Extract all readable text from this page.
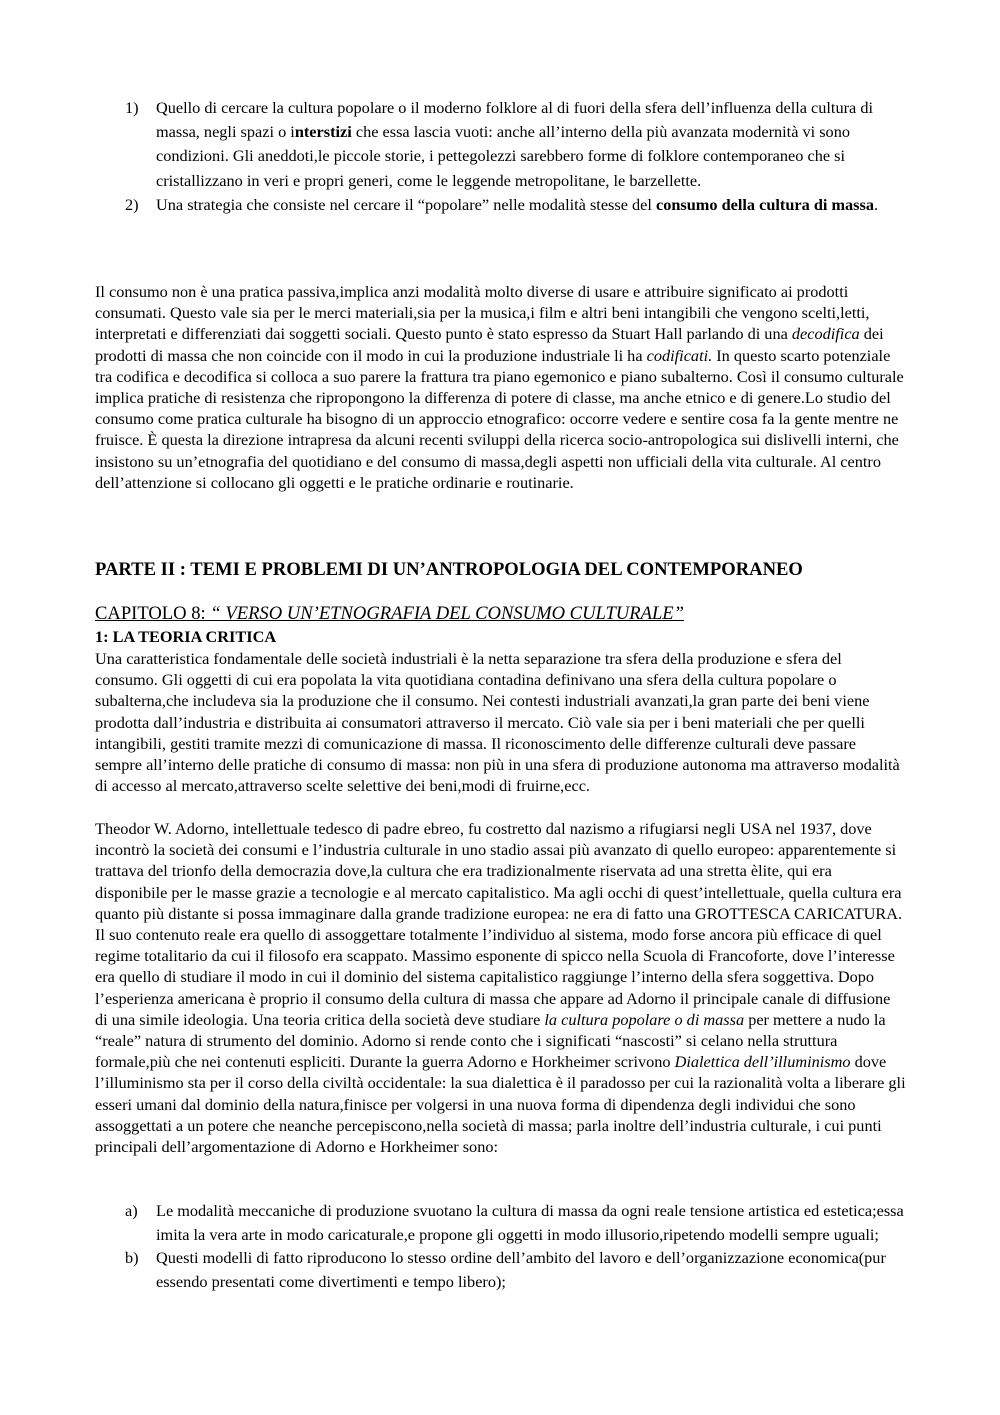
1) Quello di cercare la cultura popolare o il moderno folklore al di fuori della sfera dell’influenza della cultura di massa, negli spazi o interstizi che essa lascia vuoti: anche all’interno della più avanzata modernità vi sono condizioni. Gli aneddoti,le piccole storie, i pettegolezzi sarebbero forme di folklore contemporaneo che si cristallizzano in veri e propri generi, come le leggende metropolitane, le barzellette.
2) Una strategia che consiste nel cercare il “popolare” nelle modalità stesse del consumo della cultura di massa.

Il consumo non è una pratica passiva,implica anzi modalità molto diverse di usare e attribuire significato ai prodotti consumati. Questo vale sia per le merci materiali,sia per la musica,i film e altri beni intangibili che vengono scelti,letti, interpretati e differenziati dai soggetti sociali. Questo punto è stato espresso da Stuart Hall parlando di una decodifica dei prodotti di massa che non coincide con il modo in cui la produzione industriale li ha codificati. In questo scarto potenziale tra codifica e decodifica si colloca a suo parere la frattura tra piano egemonico e piano subalterno. Così il consumo culturale implica pratiche di resistenza che ripropongono la differenza di potere di classe, ma anche etnico e di genere.Lo studio del consumo come pratica culturale ha bisogno di un approccio etnografico: occorre vedere e sentire cosa fa la gente mentre ne fruisce. È questa la direzione intrapresa da alcuni recenti sviluppi della ricerca socio-antropologica sui dislivelli interni, che insistono su un’etnografia del quotidiano e del consumo di massa,degli aspetti non ufficiali della vita culturale. Al centro dell’attenzione si collocano gli oggetti e le pratiche ordinarie e routinarie.

PARTE II : TEMI E PROBLEMI DI UN’ANTROPOLOGIA DEL CONTEMPORANEO
CAPITOLO 8: “ VERSO UN’ETNOGRAFIA DEL CONSUMO CULTURALE”
1: LA TEORIA CRITICA

Una caratteristica fondamentale delle società industriali è la netta separazione tra sfera della produzione e sfera del consumo. Gli oggetti di cui era popolata la vita quotidiana contadina definivano una sfera della cultura popolare o subalterna,che includeva sia la produzione che il consumo. Nei contesti industriali avanzati,la gran parte dei beni viene prodotta dall’industria e distribuita ai consumatori attraverso il mercato. Ciò vale sia per i beni materiali che per quelli intangibili, gestiti tramite mezzi di comunicazione di massa. Il riconoscimento delle differenze culturali deve passare sempre all’interno delle pratiche di consumo di massa: non più in una sfera di produzione autonoma ma attraverso modalità di accesso al mercato,attraverso scelte selettive dei beni,modi di fruirne,ecc.

Theodor W. Adorno, intellettuale tedesco di padre ebreo, fu costretto dal nazismo a rifugiarsi negli USA nel 1937, dove incontrò la società dei consumi e l’industria culturale in uno stadio assai più avanzato di quello europeo: apparentemente si trattava del trionfo della democrazia dove,la cultura che era tradizionalmente riservata ad una stretta èlite, qui era disponibile per le masse grazie a tecnologie e al mercato capitalistico. Ma agli occhi di quest’intellettuale, quella cultura era quanto più distante si possa immaginare dalla grande tradizione europea: ne era di fatto una GROTTESCA CARICATURA. Il suo contenuto reale era quello di assoggettare totalmente l’individuo al sistema, modo forse ancora più efficace di quel regime totalitario da cui il filosofo era scappato. Massimo esponente di spicco nella Scuola di Francoforte, dove l’interesse era quello di studiare il modo in cui il dominio del sistema capitalistico raggiunge l’interno della sfera soggettiva. Dopo l’esperienza americana è proprio il consumo della cultura di massa che appare ad Adorno il principale canale di diffusione di una simile ideologia. Una teoria critica della società deve studiare la cultura popolare o di massa per mettere a nudo la “reale” natura di strumento del dominio. Adorno si rende conto che i significati “nascosti” si celano nella struttura formale,più che nei contenuti espliciti. Durante la guerra Adorno e Horkheimer scrivono Dialettica dell’illuminismo dove l’illuminismo sta per il corso della civiltà occidentale: la sua dialettica è il paradosso per cui la razionalità volta a liberare gli esseri umani dal dominio della natura,finisce per volgersi in una nuova forma di dipendenza degli individui che sono assoggettati a un potere che neanche percepiscono,nella società di massa; parla inoltre dell’industria culturale, i cui punti principali dell’argomentazione di Adorno e Horkheimer sono:

a) Le modalità meccaniche di produzione svuotano la cultura di massa da ogni reale tensione artistica ed estetica;essa imita la vera arte in modo caricaturale,e propone gli oggetti in modo illusorio,ripetendo modelli sempre uguali;
b) Questi modelli di fatto riproducono lo stesso ordine dell’ambito del lavoro e dell’organizzazione economica(pur essendo presentati come divertimenti e tempo libero);
